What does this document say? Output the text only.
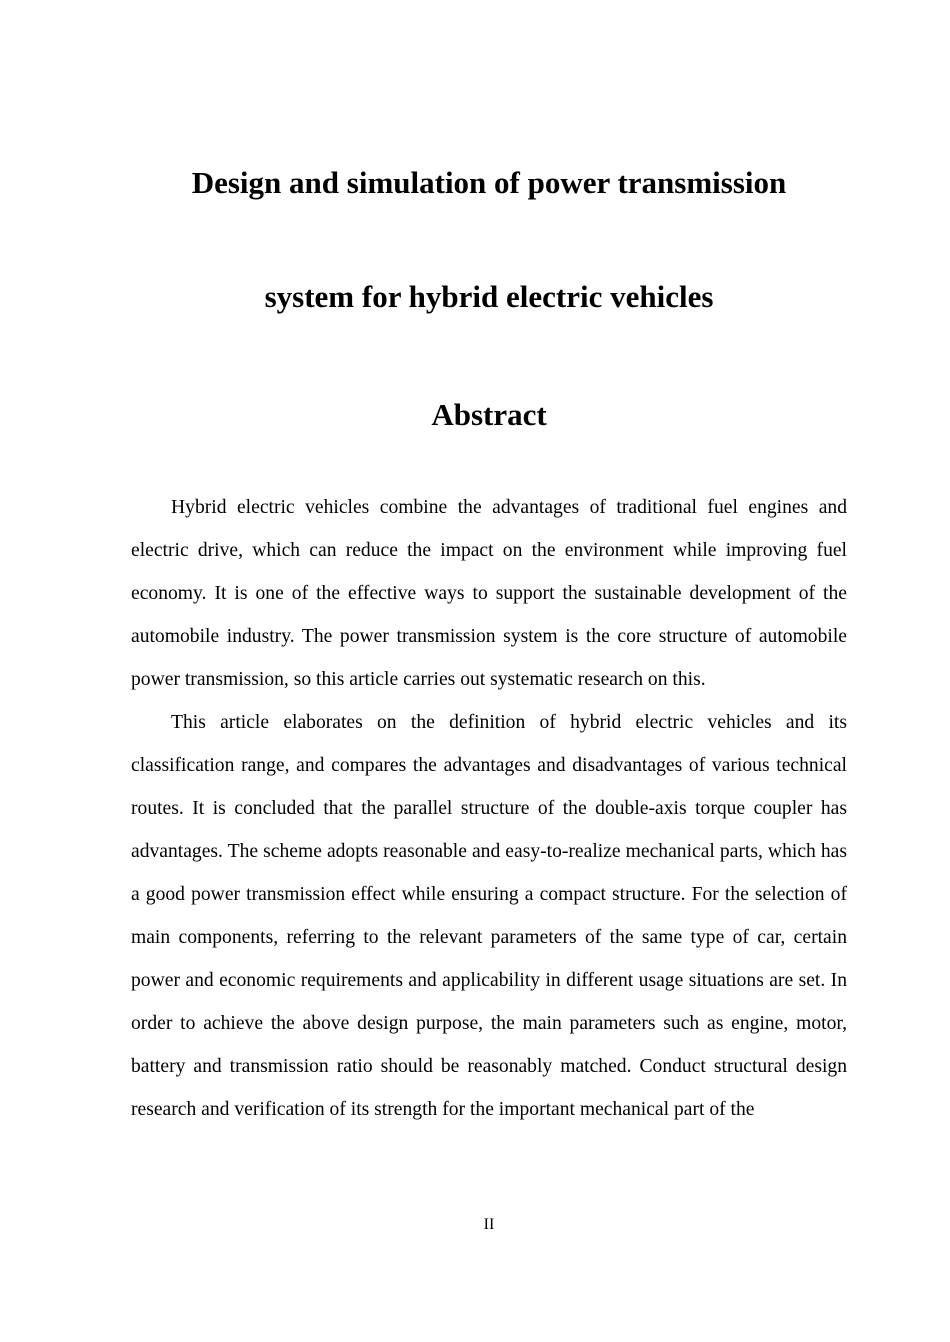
Design and simulation of power transmission
system for hybrid electric vehicles
Abstract

Hybrid electric vehicles combine the advantages of traditional fuel engines and electric drive, which can reduce the impact on the environment while improving fuel economy. It is one of the effective ways to support the sustainable development of the automobile industry. The power transmission system is the core structure of automobile power transmission, so this article carries out systematic research on this.

This article elaborates on the definition of hybrid electric vehicles and its classification range, and compares the advantages and disadvantages of various technical routes. It is concluded that the parallel structure of the double-axis torque coupler has advantages. The scheme adopts reasonable and easy-to-realize mechanical parts, which has a good power transmission effect while ensuring a compact structure. For the selection of main components, referring to the relevant parameters of the same type of car, certain power and economic requirements and applicability in different usage situations are set. In order to achieve the above design purpose, the main parameters such as engine, motor, battery and transmission ratio should be reasonably matched. Conduct structural design research and verification of its strength for the important mechanical part of the

II
